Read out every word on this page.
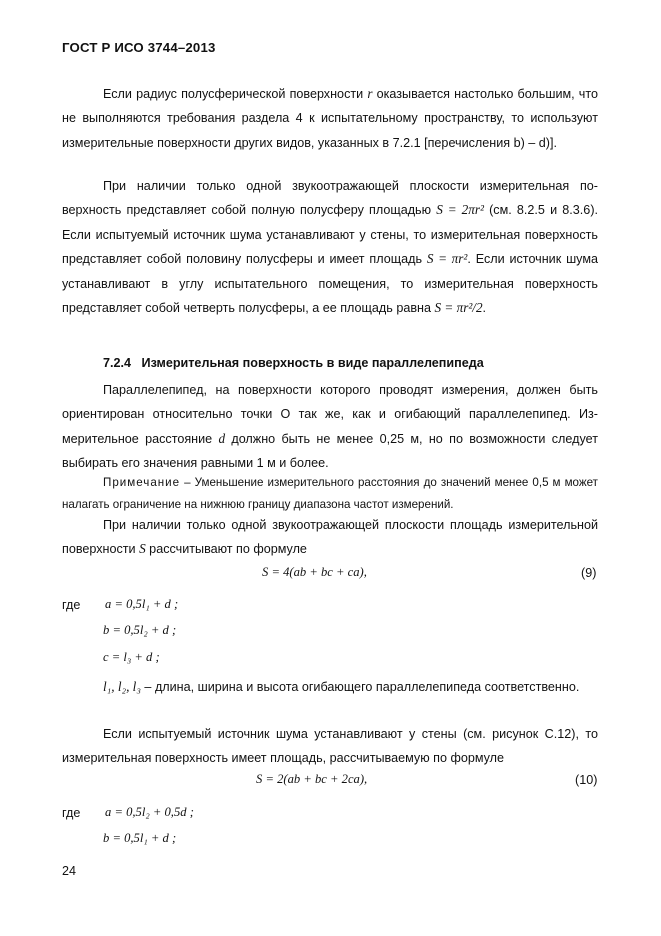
ГОСТ Р ИСО 3744–2013

Если радиус полусферической поверхности r оказывается настолько большим, что не выполняются требования раздела 4 к испытательному пространству, то используют измерительные поверхности других видов, указанных в 7.2.1 [перечисления b) – d)].

При наличии только одной звукоотражающей плоскости измерительная поверхность представляет собой полную полусферу площадью S = 2πr² (см. 8.2.5 и 8.3.6). Если испытуемый источник шума устанавливают у стены, то измерительная поверхность представляет собой половину полусферы и имеет площадь S = πr². Если источник шума устанавливают в углу испытательного помещения, то измерительная поверхность представляет собой четверть полусферы, а ее площадь равна S = πr²/2.

7.2.4 Измерительная поверхность в виде параллелепипеда

Параллелепипед, на поверхности которого проводят измерения, должен быть ориентирован относительно точки О так же, как и огибающий параллелепипед. Измерительное расстояние d должно быть не менее 0,25 м, но по возможности следует выбирать его значения равными 1 м и более.

Примечание – Уменьшение измерительного расстояния до значений менее 0,5 м может налагать ограничение на нижнюю границу диапазона частот измерений.

При наличии только одной звукоотражающей плоскости площадь измерительной поверхности S рассчитывают по формуле

S = 4(ab + bc + ca),	(9)
где a = 0,5l₁ + d ;
b = 0,5l₂ + d ;
c = l₃ + d ;

l₁, l₂, l₃ – длина, ширина и высота огибающего параллелепипеда соответственно.

Если испытуемый источник шума устанавливают у стены (см. рисунок С.12), то измерительная поверхность имеет площадь, рассчитываемую по формуле

S = 2(ab + bc + 2ca),	(10)
где a = 0,5l₂ + 0,5d ;
b = 0,5l₁ + d ;
24
